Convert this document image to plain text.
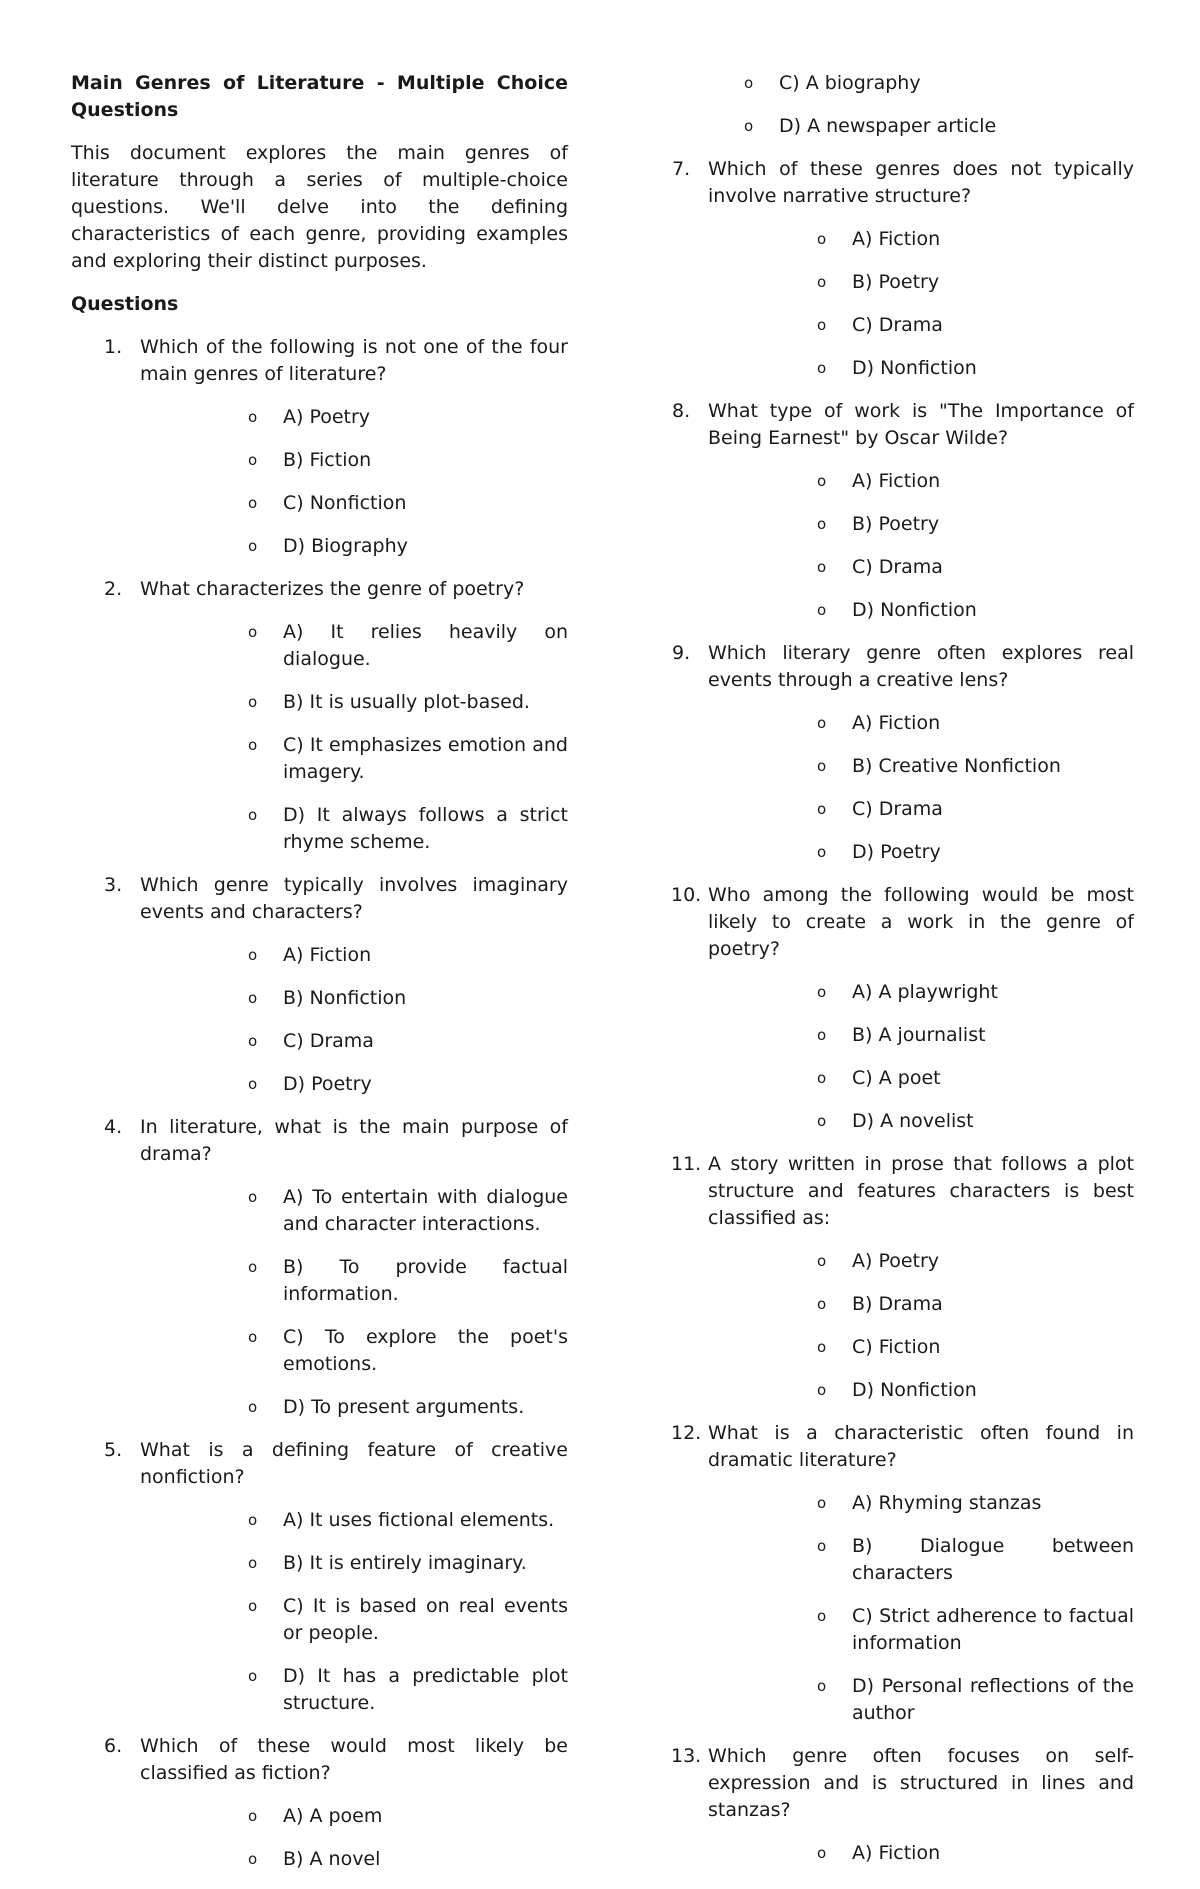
Main Genres of Literature - Multiple Choice Questions
This document explores the main genres of literature through a series of multiple-choice questions. We'll delve into the defining characteristics of each genre, providing examples and exploring their distinct purposes.
Questions
1. Which of the following is not one of the four main genres of literature?
o A) Poetry
o B) Fiction
o C) Nonfiction
o D) Biography
2. What characterizes the genre of poetry?
o A) It relies heavily on dialogue.
o B) It is usually plot-based.
o C) It emphasizes emotion and imagery.
o D) It always follows a strict rhyme scheme.
3. Which genre typically involves imaginary events and characters?
o A) Fiction
o B) Nonfiction
o C) Drama
o D) Poetry
4. In literature, what is the main purpose of drama?
o A) To entertain with dialogue and character interactions.
o B) To provide factual information.
o C) To explore the poet's emotions.
o D) To present arguments.
5. What is a defining feature of creative nonfiction?
o A) It uses fictional elements.
o B) It is entirely imaginary.
o C) It is based on real events or people.
o D) It has a predictable plot structure.
6. Which of these would most likely be classified as fiction?
o A) A poem
o B) A novel
o C) A biography
o D) A newspaper article
7. Which of these genres does not typically involve narrative structure?
o A) Fiction
o B) Poetry
o C) Drama
o D) Nonfiction
8. What type of work is "The Importance of Being Earnest" by Oscar Wilde?
o A) Fiction
o B) Poetry
o C) Drama
o D) Nonfiction
9. Which literary genre often explores real events through a creative lens?
o A) Fiction
o B) Creative Nonfiction
o C) Drama
o D) Poetry
10. Who among the following would be most likely to create a work in the genre of poetry?
o A) A playwright
o B) A journalist
o C) A poet
o D) A novelist
11. A story written in prose that follows a plot structure and features characters is best classified as:
o A) Poetry
o B) Drama
o C) Fiction
o D) Nonfiction
12. What is a characteristic often found in dramatic literature?
o A) Rhyming stanzas
o B) Dialogue between characters
o C) Strict adherence to factual information
o D) Personal reflections of the author
13. Which genre often focuses on self-expression and is structured in lines and stanzas?
o A) Fiction
